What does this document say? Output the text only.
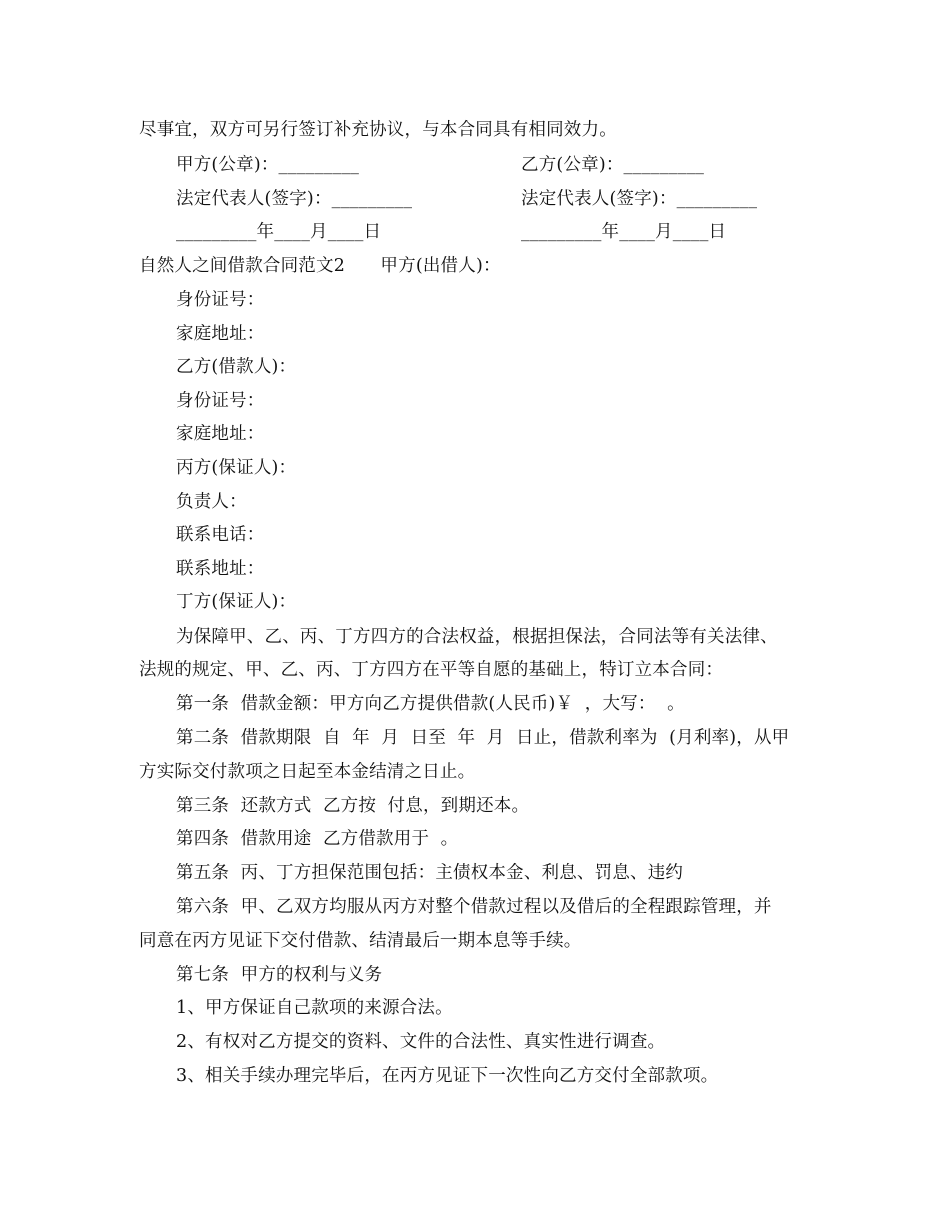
尽事宜，双方可另行签订补充协议，与本合同具有相同效力。
甲方(公章)：_________	乙方(公章)：_________
法定代表人(签字)：_________	法定代表人(签字)：_________
_________年____月____日	_________年____月____日
自然人之间借款合同范文2　　甲方(出借人)：
身份证号：
家庭地址：
乙方(借款人)：
身份证号：
家庭地址：
丙方(保证人)：
负责人：
联系电话：
联系地址：
丁方(保证人)：
为保障甲、乙、丙、丁方四方的合法权益，根据担保法，合同法等有关法律、
法规的规定、甲、乙、丙、丁方四方在平等自愿的基础上，特订立本合同：
第一条  借款金额：甲方向乙方提供借款(人民币)￥  ，大写：  。
第二条  借款期限  自  年  月  日至  年  月  日止，借款利率为  (月利率)，从甲
方实际交付款项之日起至本金结清之日止。
第三条  还款方式  乙方按  付息，到期还本。
第四条  借款用途  乙方借款用于  。
第五条  丙、丁方担保范围包括：主债权本金、利息、罚息、违约
第六条  甲、乙双方均服从丙方对整个借款过程以及借后的全程跟踪管理，并
同意在丙方见证下交付借款、结清最后一期本息等手续。
第七条  甲方的权利与义务
1、甲方保证自己款项的来源合法。
2、有权对乙方提交的资料、文件的合法性、真实性进行调查。
3、相关手续办理完毕后，在丙方见证下一次性向乙方交付全部款项。
